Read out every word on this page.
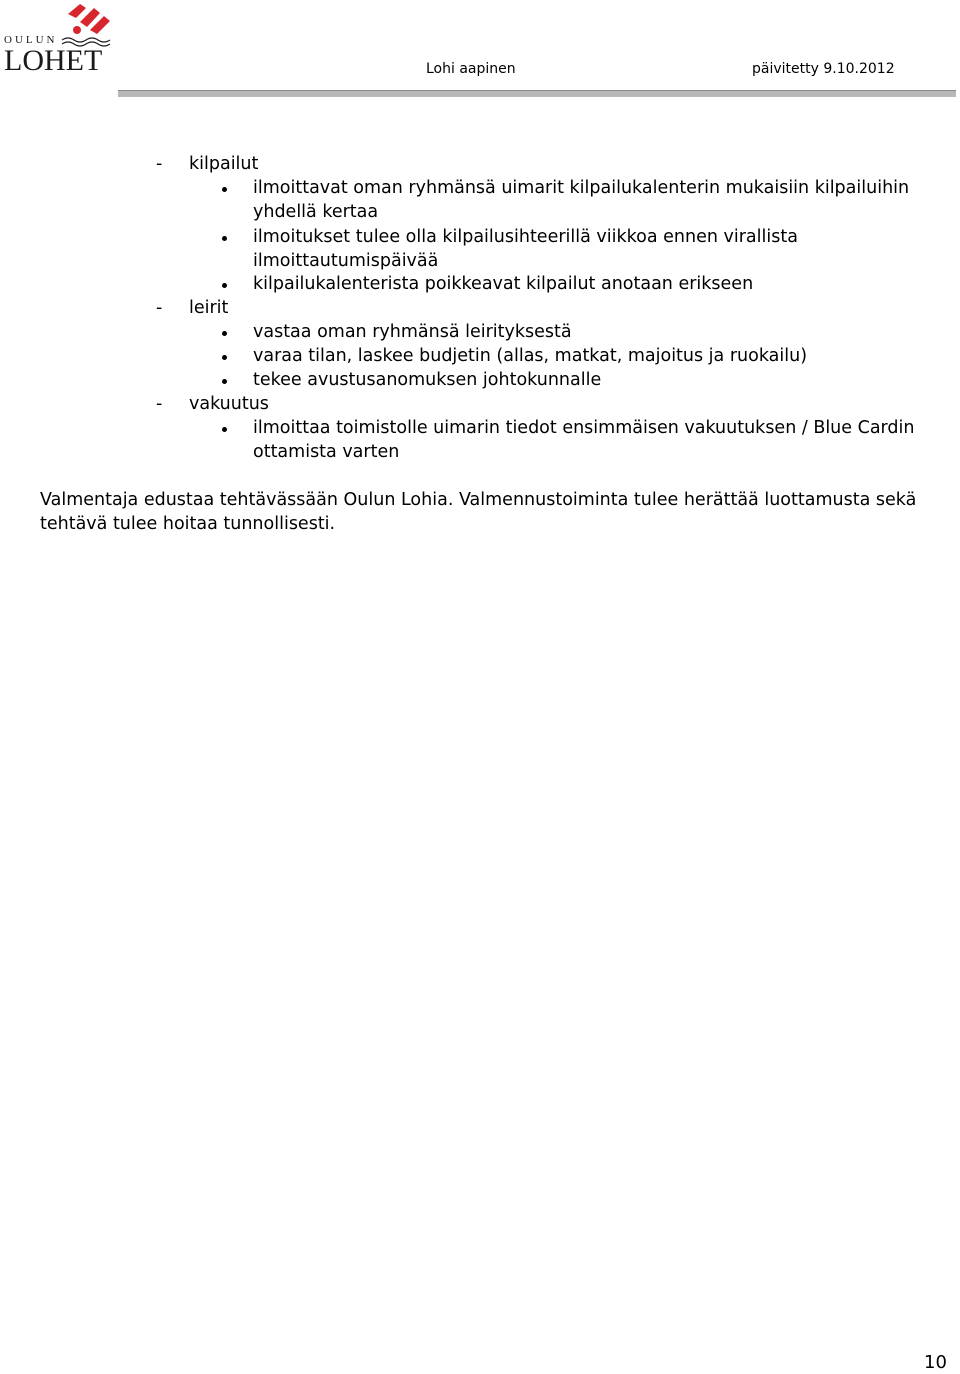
OULUN
LOHET	Lohi aapinen	päivitetty 9.10.2012
- kilpailut
ilmoittavat oman ryhmänsä uimarit kilpailukalenterin mukaisiin kilpailuihin yhdellä kertaa
ilmoitukset tulee olla kilpailusihteerillä viikkoa ennen virallista ilmoittautumispäivää
kilpailukalenterista poikkeavat kilpailut anotaan erikseen
- leirit
vastaa oman ryhmänsä leirityksestä
varaa tilan, laskee budjetin (allas, matkat, majoitus ja ruokailu)
tekee avustusanomuksen johtokunnalle
- vakuutus
ilmoittaa toimistolle uimarin tiedot ensimmäisen vakuutuksen / Blue Cardin ottamista varten
Valmentaja edustaa tehtävässään Oulun Lohia. Valmennustoiminta tulee herättää luottamusta sekä tehtävä tulee hoitaa tunnollisesti.
10
